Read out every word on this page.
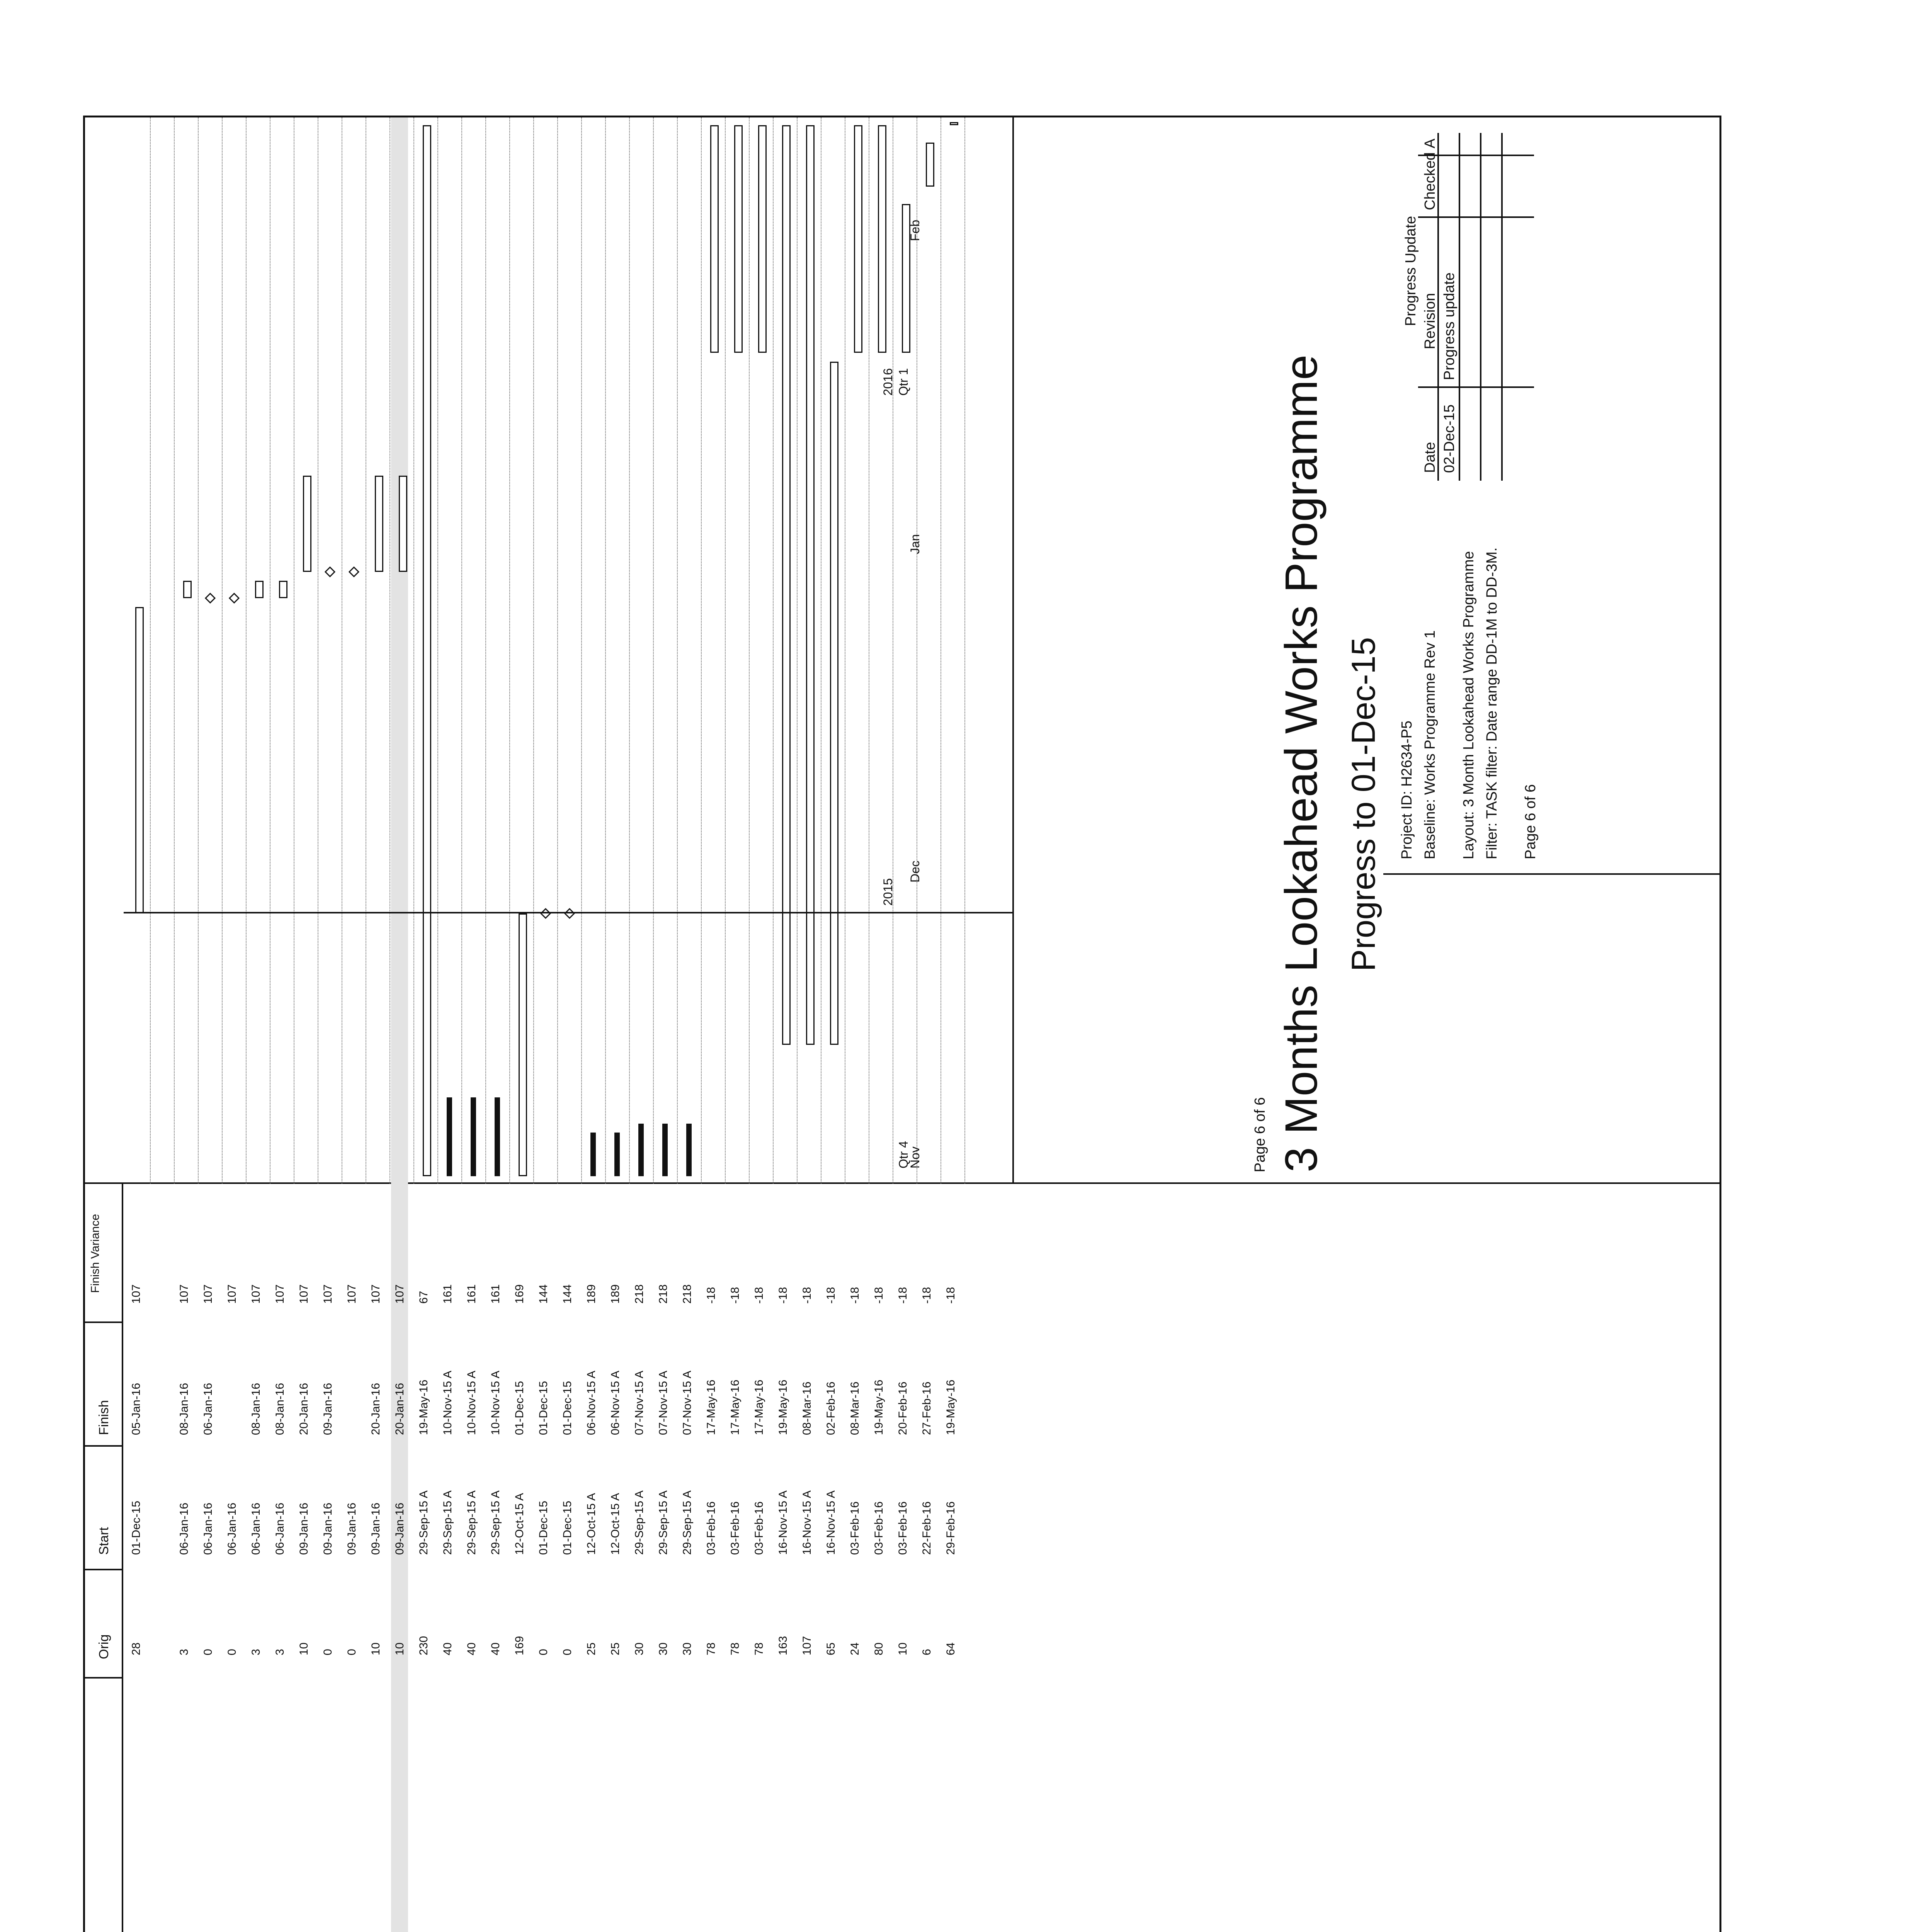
Orig
Start
Finish
Finish Variance
28
01-Dec-15
05-Jan-16
107
3
06-Jan-16
08-Jan-16
107
0
06-Jan-16
06-Jan-16
107
0
06-Jan-16
107
3
06-Jan-16
08-Jan-16
107
3
06-Jan-16
08-Jan-16
107
10
09-Jan-16
20-Jan-16
107
0
09-Jan-16
09-Jan-16
107
0
09-Jan-16
107
10
09-Jan-16
20-Jan-16
107
10
09-Jan-16
20-Jan-16
107
230
29-Sep-15 A
19-May-16
67
40
29-Sep-15 A
10-Nov-15 A
161
40
29-Sep-15 A
10-Nov-15 A
161
40
29-Sep-15 A
10-Nov-15 A
161
169
12-Oct-15 A
01-Dec-15
169
0
01-Dec-15
01-Dec-15
144
0
01-Dec-15
01-Dec-15
144
25
12-Oct-15 A
06-Nov-15 A
189
25
12-Oct-15 A
06-Nov-15 A
189
30
29-Sep-15 A
07-Nov-15 A
218
30
29-Sep-15 A
07-Nov-15 A
218
30
29-Sep-15 A
07-Nov-15 A
218
78
03-Feb-16
17-May-16
-18
78
03-Feb-16
17-May-16
-18
78
03-Feb-16
17-May-16
-18
163
16-Nov-15 A
19-May-16
-18
107
16-Nov-15 A
08-Mar-16
-18
65
16-Nov-15 A
02-Feb-16
-18
24
03-Feb-16
08-Mar-16
-18
80
03-Feb-16
19-May-16
-18
10
03-Feb-16
20-Feb-16
-18
6
22-Feb-16
27-Feb-16
-18
64
29-Feb-16
19-May-16
-18
2015
2016
Qtr 4
Qtr 1
Nov
Dec
Jan
Feb
Page 6 of 6 3 Months Lookahead Works Programme Progress to 01-Dec-15 Project ID: H2634-P5 Baseline: Works Programme Rev 1 Layout: 3 Month Lookahead Works Programme Filter: TASK filter: Date range DD-1M to DD-3M. Page 6 of 6
Progress Update
Date
Revision
Checked
A
02-Dec-15
Progress update
